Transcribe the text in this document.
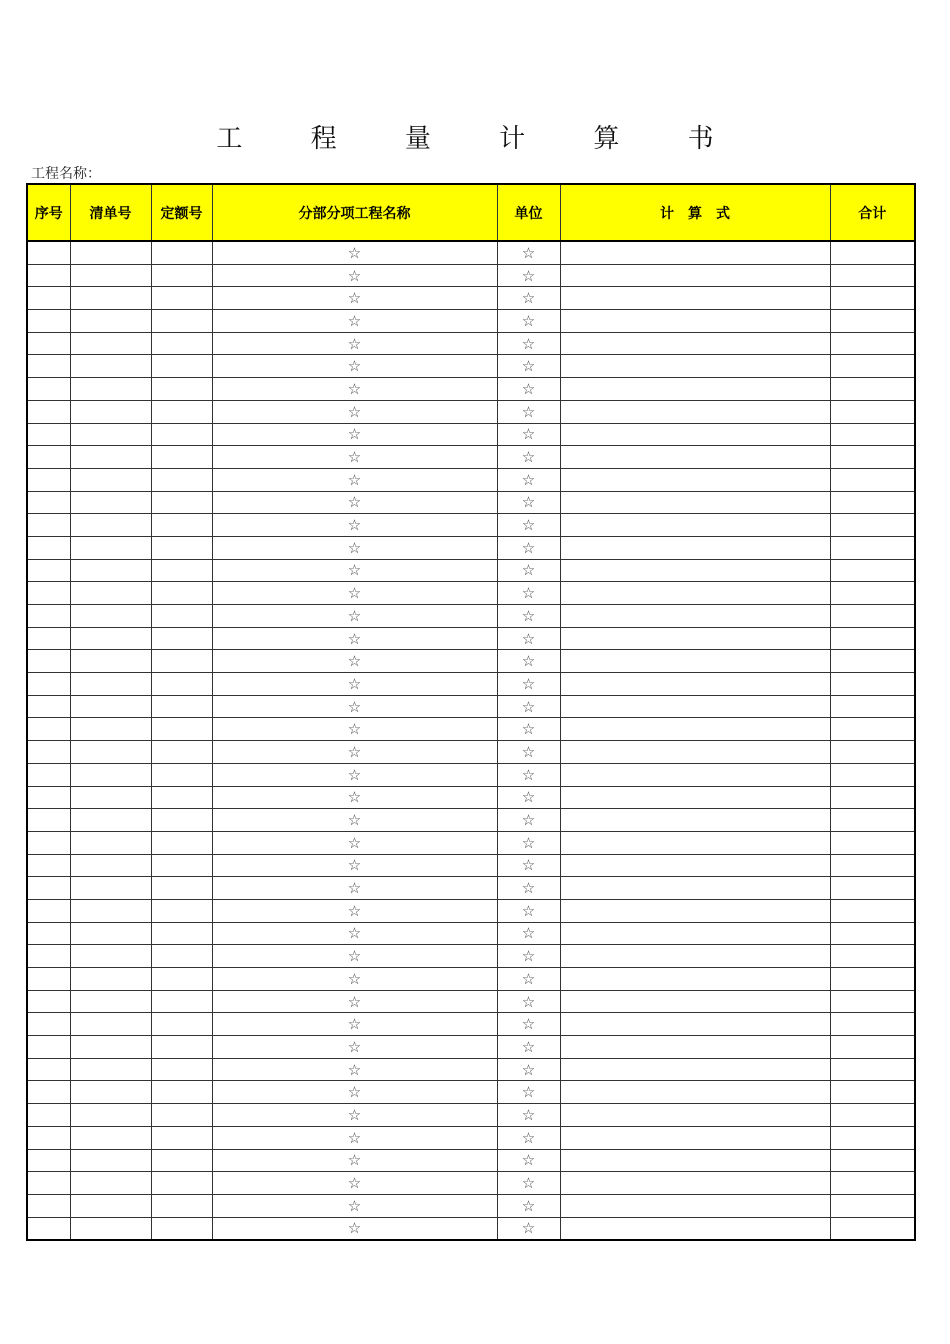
工 程 量 计 算 书
工程名称：
序号	清单号	定额号	分部分项工程名称	单位	计　算　式	合计
			☆	☆		
			☆	☆		
			☆	☆		
			☆	☆		
			☆	☆		
			☆	☆		
			☆	☆		
			☆	☆		
			☆	☆		
			☆	☆		
			☆	☆		
			☆	☆		
			☆	☆		
			☆	☆		
			☆	☆		
			☆	☆		
			☆	☆		
			☆	☆		
			☆	☆		
			☆	☆		
			☆	☆		
			☆	☆		
			☆	☆		
			☆	☆		
			☆	☆		
			☆	☆		
			☆	☆		
			☆	☆		
			☆	☆		
			☆	☆		
			☆	☆		
			☆	☆		
			☆	☆		
			☆	☆		
			☆	☆		
			☆	☆		
			☆	☆		
			☆	☆		
			☆	☆		
			☆	☆		
			☆	☆		
			☆	☆		
			☆	☆		
			☆	☆		
